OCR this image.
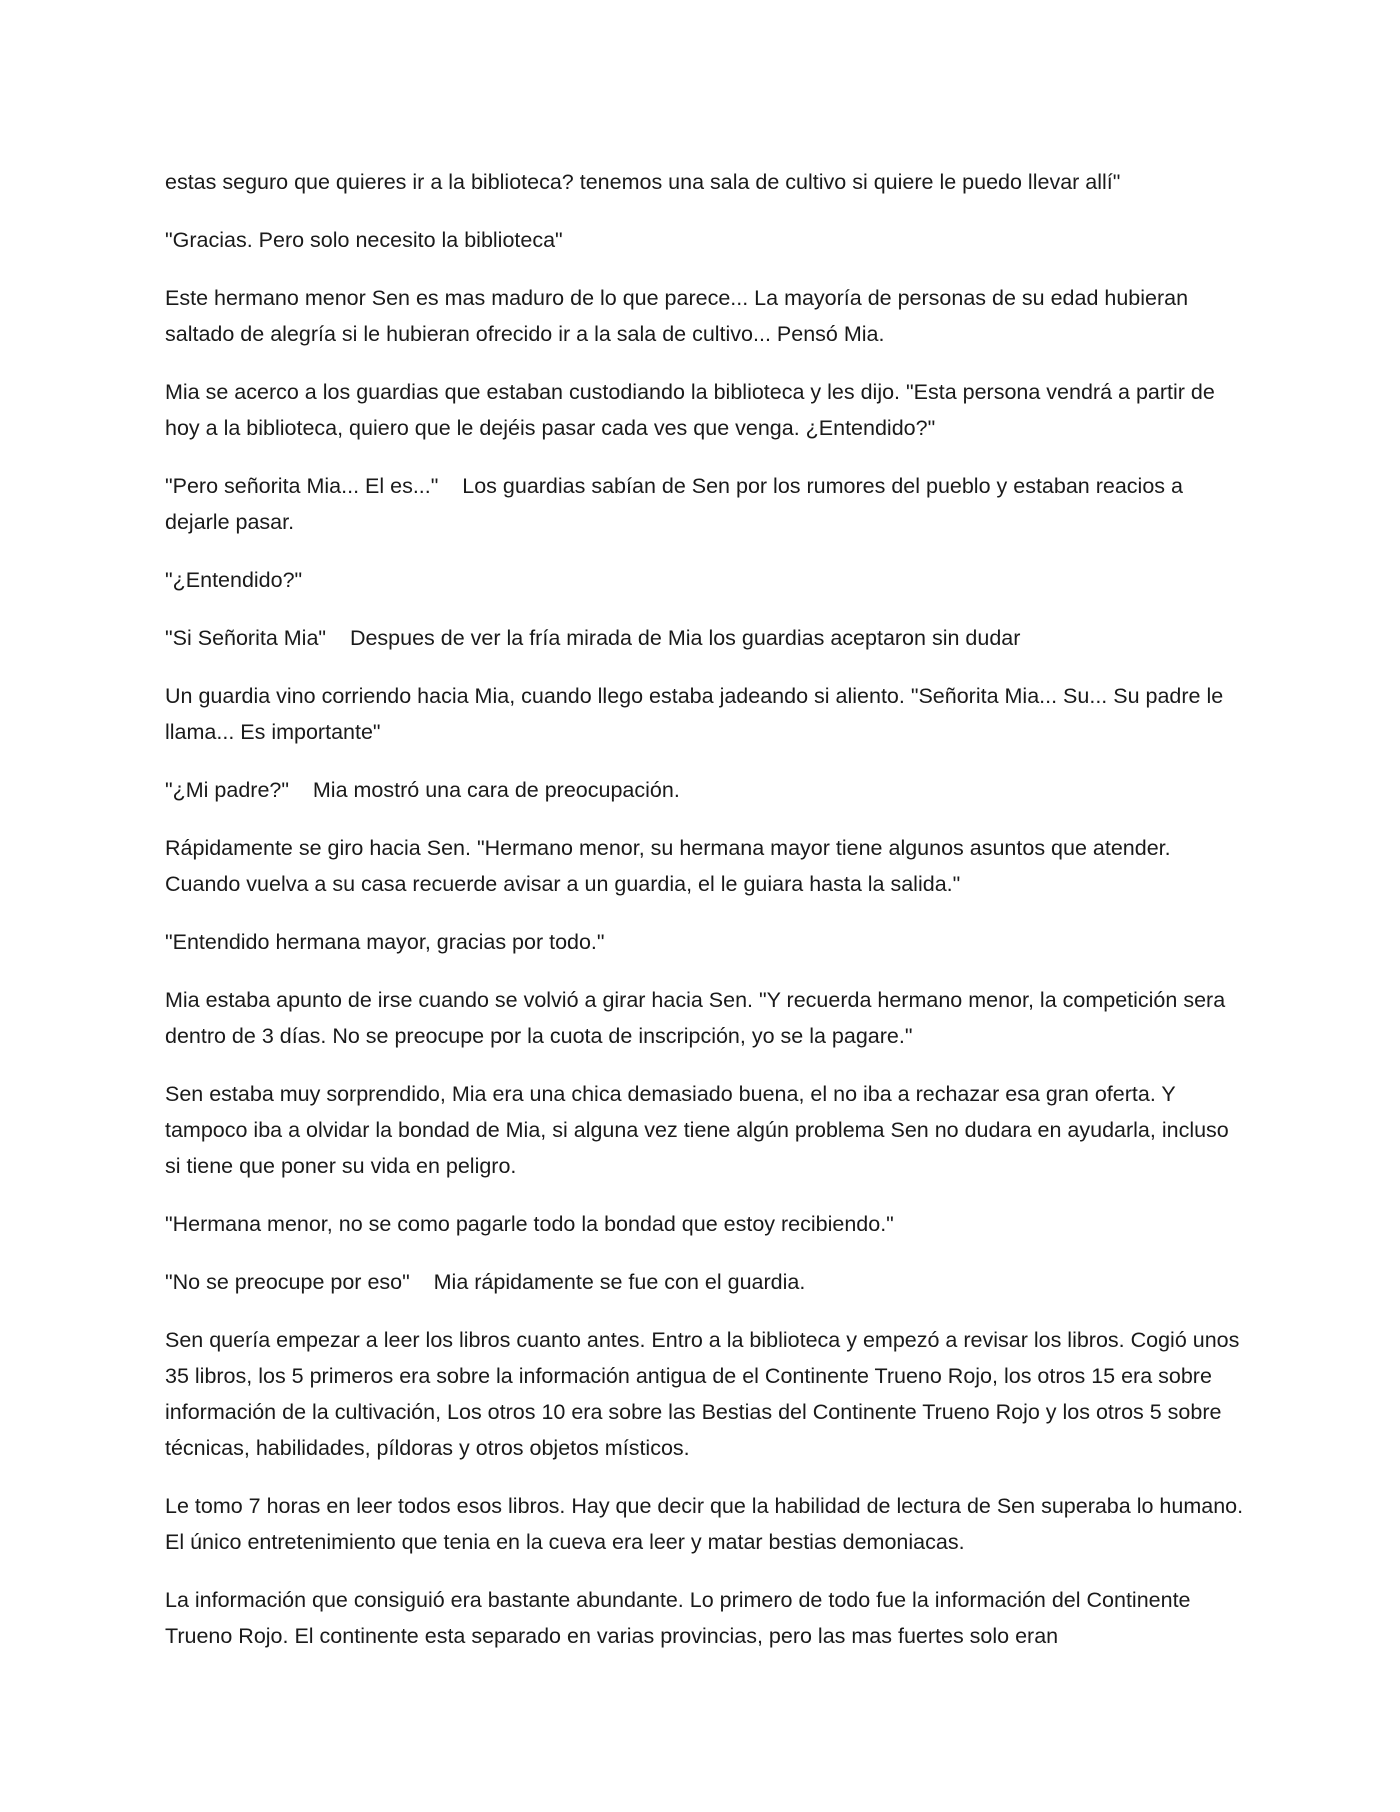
estas seguro que quieres ir a la biblioteca? tenemos una sala de cultivo si quiere le puedo llevar allí"

"Gracias. Pero solo necesito la biblioteca"

Este hermano menor Sen es mas maduro de lo que parece... La mayoría de personas de su edad hubieran saltado de alegría si le hubieran ofrecido ir a la sala de cultivo... Pensó Mia.

Mia se acerco a los guardias que estaban custodiando la biblioteca y les dijo. "Esta persona vendrá a partir de hoy a la biblioteca, quiero que le dejéis pasar cada ves que venga. ¿Entendido?"

"Pero señorita Mia... El es..."    Los guardias sabían de Sen por los rumores del pueblo y estaban reacios a dejarle pasar.

"¿Entendido?"

"Si Señorita Mia"    Despues de ver la fría mirada de Mia los guardias aceptaron sin dudar

Un guardia vino corriendo hacia Mia, cuando llego estaba jadeando si aliento. "Señorita Mia... Su... Su padre le llama... Es importante"

"¿Mi padre?"    Mia mostró una cara de preocupación.

Rápidamente se giro hacia Sen. "Hermano menor, su hermana mayor tiene algunos asuntos que atender. Cuando vuelva a su casa recuerde avisar a un guardia, el le guiara hasta la salida."

"Entendido hermana mayor, gracias por todo."

Mia estaba apunto de irse cuando se volvió a girar hacia Sen. "Y recuerda hermano menor, la competición sera dentro de 3 días. No se preocupe por la cuota de inscripción, yo se la pagare."

Sen estaba muy sorprendido, Mia era una chica demasiado buena, el no iba a rechazar esa gran oferta. Y tampoco iba a olvidar la bondad de Mia, si alguna vez tiene algún problema Sen no dudara en ayudarla, incluso si tiene que poner su vida en peligro.

"Hermana menor, no se como pagarle todo la bondad que estoy recibiendo."

"No se preocupe por eso"    Mia rápidamente se fue con el guardia.

Sen quería empezar a leer los libros cuanto antes. Entro a la biblioteca y empezó a revisar los libros. Cogió unos 35 libros, los 5 primeros era sobre la información antigua de el Continente Trueno Rojo, los otros 15 era sobre información de la cultivación, Los otros 10 era sobre las Bestias del Continente Trueno Rojo y los otros 5 sobre técnicas, habilidades, píldoras y otros objetos místicos.

Le tomo 7 horas en leer todos esos libros. Hay que decir que la habilidad de lectura de Sen superaba lo humano. El único entretenimiento que tenia en la cueva era leer y matar bestias demoniacas.

La información que consiguió era bastante abundante. Lo primero de todo fue la información del Continente Trueno Rojo. El continente esta separado en varias provincias, pero las mas fuertes solo eran
